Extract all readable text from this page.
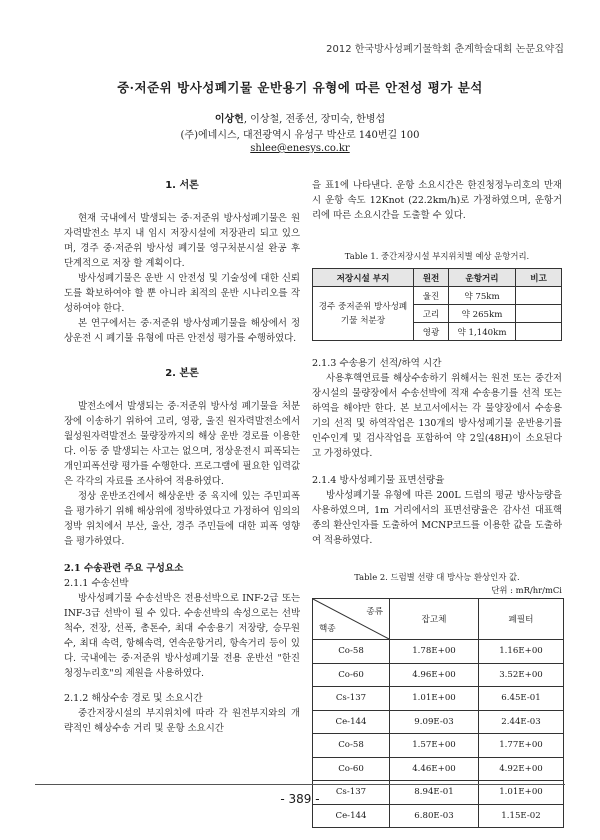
2012 한국방사성폐기물학회 춘계학술대회 논문요약집
중·저준위 방사성폐기물 운반용기 유형에 따른 안전성 평가 분석
이상헌, 이상철, 전종선, 장미숙, 한병섭
(주)에네시스, 대전광역시 유성구 박산로 140번길 100
shlee@enesys.co.kr
1. 서론

현재 국내에서 발생되는 중·저준위 방사성폐기물은 원자력발전소 부지 내 임시 저장시설에 저장관리 되고 있으며, 경주 중·저준위 방사성 폐기물 영구처분시설 완공 후 단계적으로 저장 할 계획이다.

방사성폐기물은 운반 시 안전성 및 기술성에 대한 신뢰도를 확보하여야 할 뿐 아니라 최적의 운반 시나리오를 작성하여야 한다.

본 연구에서는 중·저준위 방사성폐기물을 해상에서 정상운전 시 폐기물 유형에 따른 안전성 평가를 수행하였다.

2. 본론

발전소에서 발생되는 중·저준위 방사성 폐기물을 처분장에 이송하기 위하여 고리, 영광, 울진 원자력발전소에서 월성원자력발전소 물량장까지의 해상 운반 경로를 이용한다. 이동 중 발생되는 사고는 없으며, 정상운전시 피폭되는 개인피폭선량 평가를 수행한다. 프로그램에 필요한 입력값은 각각의 자료를 조사하여 적용하였다.

정상 운반조건에서 해상운반 중 육지에 있는 주민피폭을 평가하기 위해 해상위에 정박하였다고 가정하여 임의의 정박 위치에서 부산, 울산, 경주 주민들에 대한 피폭 영향을 평가하였다.

2.1 수송관련 주요 구성요소
2.1.1 수송선박

방사성폐기물 수송선박은 전용선박으로 INF-2급 또는 INF-3급 선박이 될 수 있다. 수송선박의 속성으로는 선박척수, 전장, 선폭, 총톤수, 최대 수송용기 저장량, 승무원 수, 최대 속력, 항해속력, 연속운항거리, 항속거리 등이 있다. 국내에는 중·저준위 방사성폐기물 전용 운반선 "한진청정누리호"의 제원을 사용하였다.

2.1.2 해상수송 경로 및 소요시간

중간저장시설의 부지위치에 따라 각 원전부지와의 개략적인 해상수송 거리 및 운항 소요시간

을 표1에 나타낸다. 운항 소요시간은 한진청정누리호의 만재시 운항 속도 12Knot (22.2km/h)로 가정하였으며, 운항거리에 따른 소요시간을 도출할 수 있다.

Table 1. 중간저장시설 부지위치별 예상 운항거리.
저장시설 부지	원전	운항거리	비고
경주 중저준위 방사성폐기물 처분장	울진	약 75km	
	고리	약 265km	
	영광	약 1,140km	
2.1.3 수송용기 선적/하역 시간

사용후핵연료를 해상수송하기 위해서는 원전 또는 중간저장시설의 물량장에서 수송선박에 적재 수송용기를 선적 또는 하역을 해야만 한다. 본 보고서에서는 각 물양장에서 수송용기의 선적 및 하역작업은 130개의 방사성폐기물 운반용기를 인수인계 및 검사작업을 포함하여 약 2일(48H)이 소요된다고 가정하였다.

2.1.4 방사성폐기물 표면선량율

방사성폐기물 유형에 따른 200L 드럼의 평균 방사능량을 사용하였으며, 1m 거리에서의 표면선량율은 감사선 대표핵종의 환산인자를 도출하여 MCNP코드를 이용한 값을 도출하여 적용하였다.

Table 2. 드럼별 선량 대 방사능 환상인자 값.
단위 : mR/hr/mCi
종류
핵종	잡고체	폐필터
Co-58	1.78E+00	1.16E+00
Co-60	4.96E+00	3.52E+00
Cs-137	1.01E+00	6.45E-01
Ce-144	9.09E-03	2.44E-03
Co-58	1.57E+00	1.77E+00
Co-60	4.46E+00	4.92E+00
Cs-137	8.94E-01	1.01E+00
Ce-144	6.80E-03	1.15E-02
- 389 -
